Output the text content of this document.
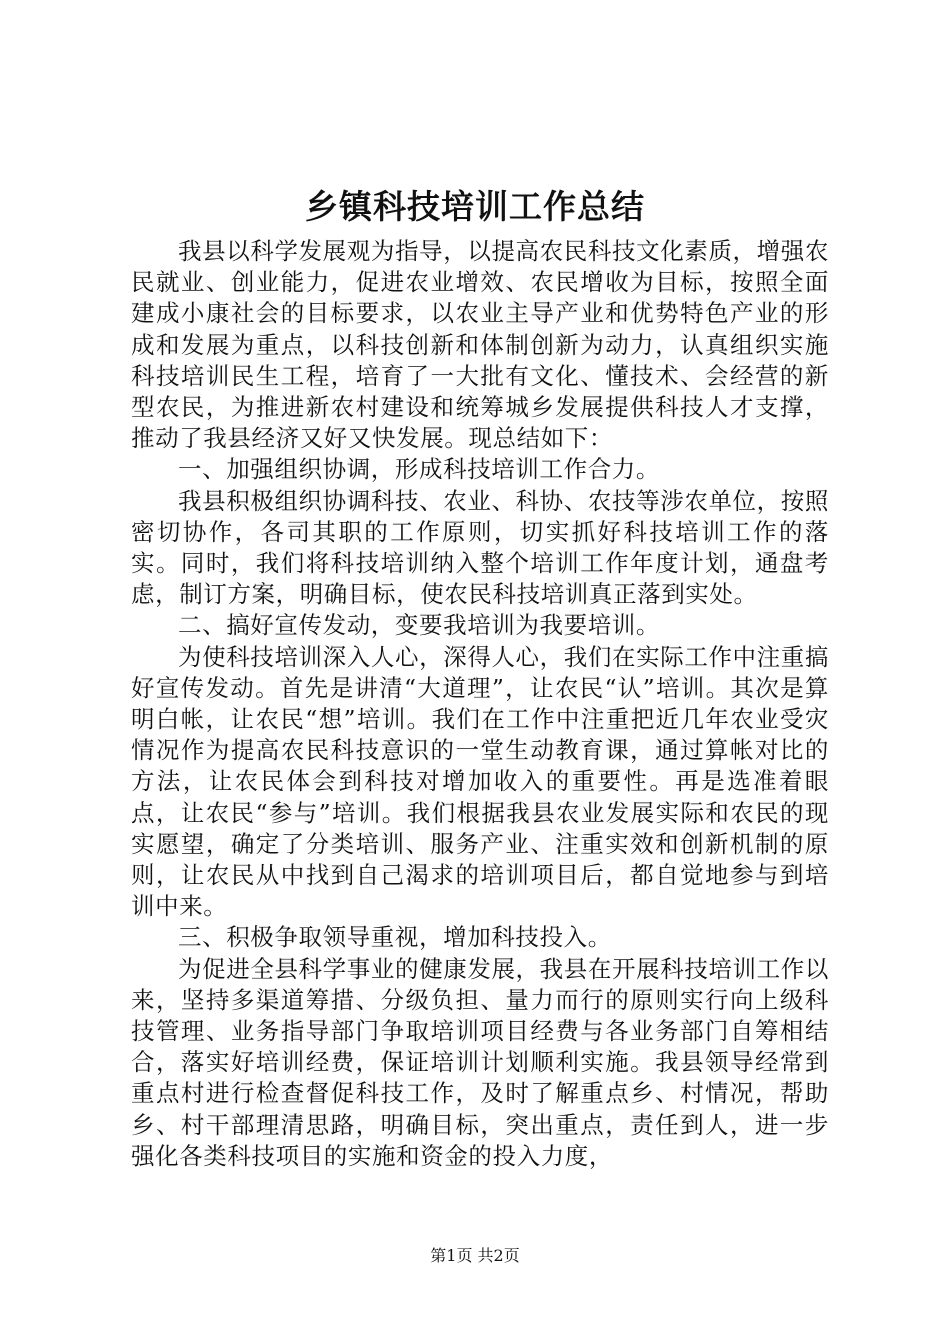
乡镇科技培训工作总结

我县以科学发展观为指导，以提高农民科技文化素质，增强农民就业、创业能力，促进农业增效、农民增收为目标，按照全面建成小康社会的目标要求，以农业主导产业和优势特色产业的形成和发展为重点，以科技创新和体制创新为动力，认真组织实施科技培训民生工程，培育了一大批有文化、懂技术、会经营的新型农民，为推进新农村建设和统筹城乡发展提供科技人才支撑，推动了我县经济又好又快发展。现总结如下：

一、加强组织协调，形成科技培训工作合力。

我县积极组织协调科技、农业、科协、农技等涉农单位，按照密切协作，各司其职的工作原则，切实抓好科技培训工作的落实。同时，我们将科技培训纳入整个培训工作年度计划，通盘考虑，制订方案，明确目标，使农民科技培训真正落到实处。

二、搞好宣传发动，变要我培训为我要培训。

为使科技培训深入人心，深得人心，我们在实际工作中注重搞好宣传发动。首先是讲清“大道理”，让农民“认”培训。其次是算明白帐，让农民“想”培训。我们在工作中注重把近几年农业受灾情况作为提高农民科技意识的一堂生动教育课，通过算帐对比的方法，让农民体会到科技对增加收入的重要性。再是选准着眼点，让农民“参与”培训。我们根据我县农业发展实际和农民的现实愿望，确定了分类培训、服务产业、注重实效和创新机制的原则，让农民从中找到自己渴求的培训项目后，都自觉地参与到培训中来。

三、积极争取领导重视，增加科技投入。

为促进全县科学事业的健康发展，我县在开展科技培训工作以来，坚持多渠道筹措、分级负担、量力而行的原则实行向上级科技管理、业务指导部门争取培训项目经费与各业务部门自筹相结合，落实好培训经费，保证培训计划顺利实施。我县领导经常到重点村进行检查督促科技工作，及时了解重点乡、村情况，帮助乡、村干部理清思路，明确目标，突出重点，责任到人，进一步强化各类科技项目的实施和资金的投入力度，

第1页 共2页
